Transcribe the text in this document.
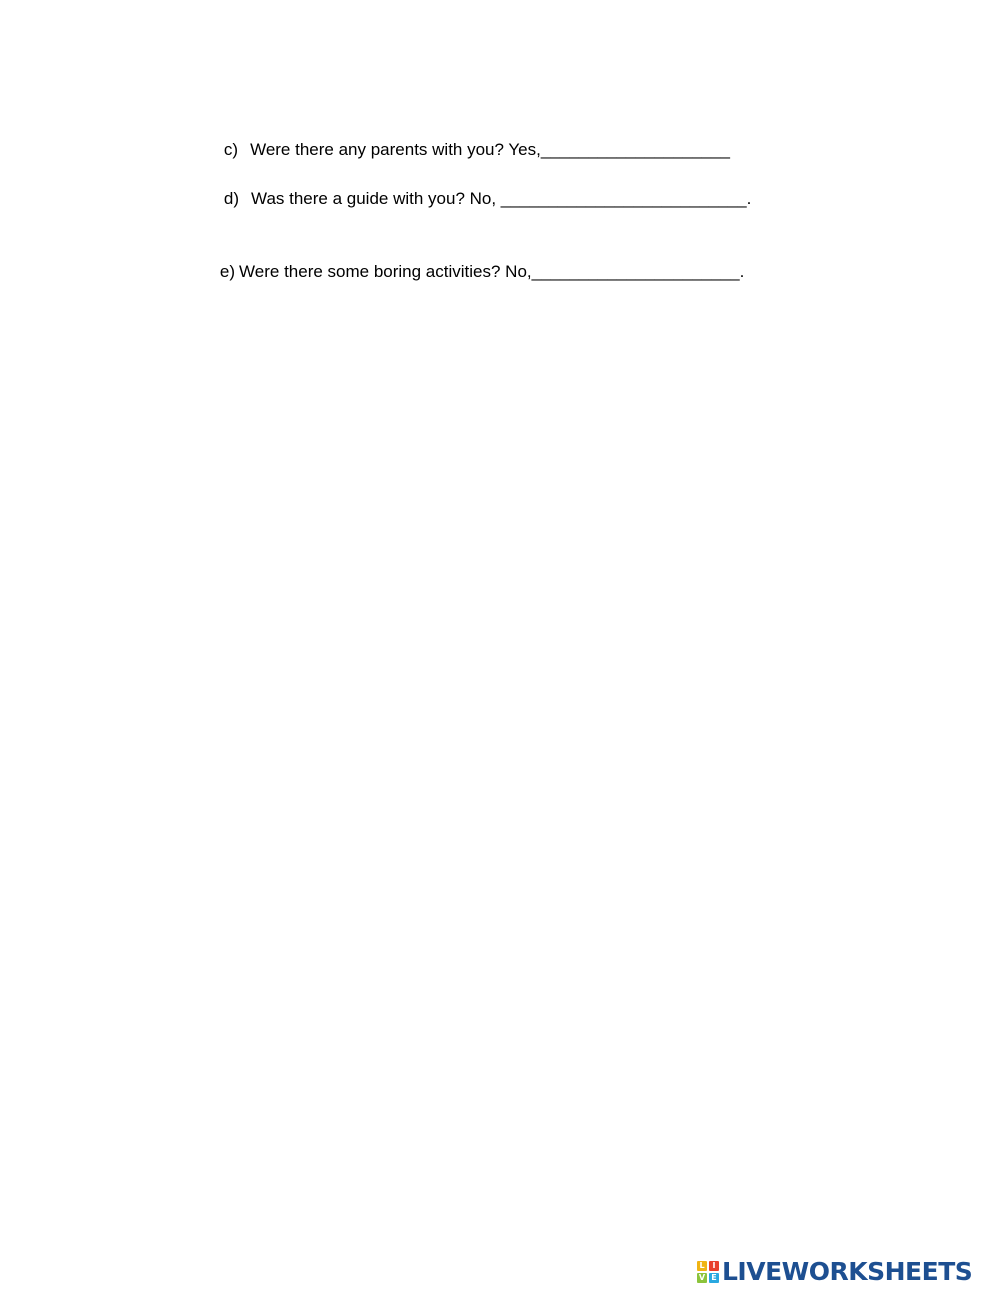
c) Were there any parents with you? Yes,____________________

d) Was there a guide with you? No, __________________________.

e) Were there some boring activities? No,______________________.

L I
V E LIVEWORKSHEETS
